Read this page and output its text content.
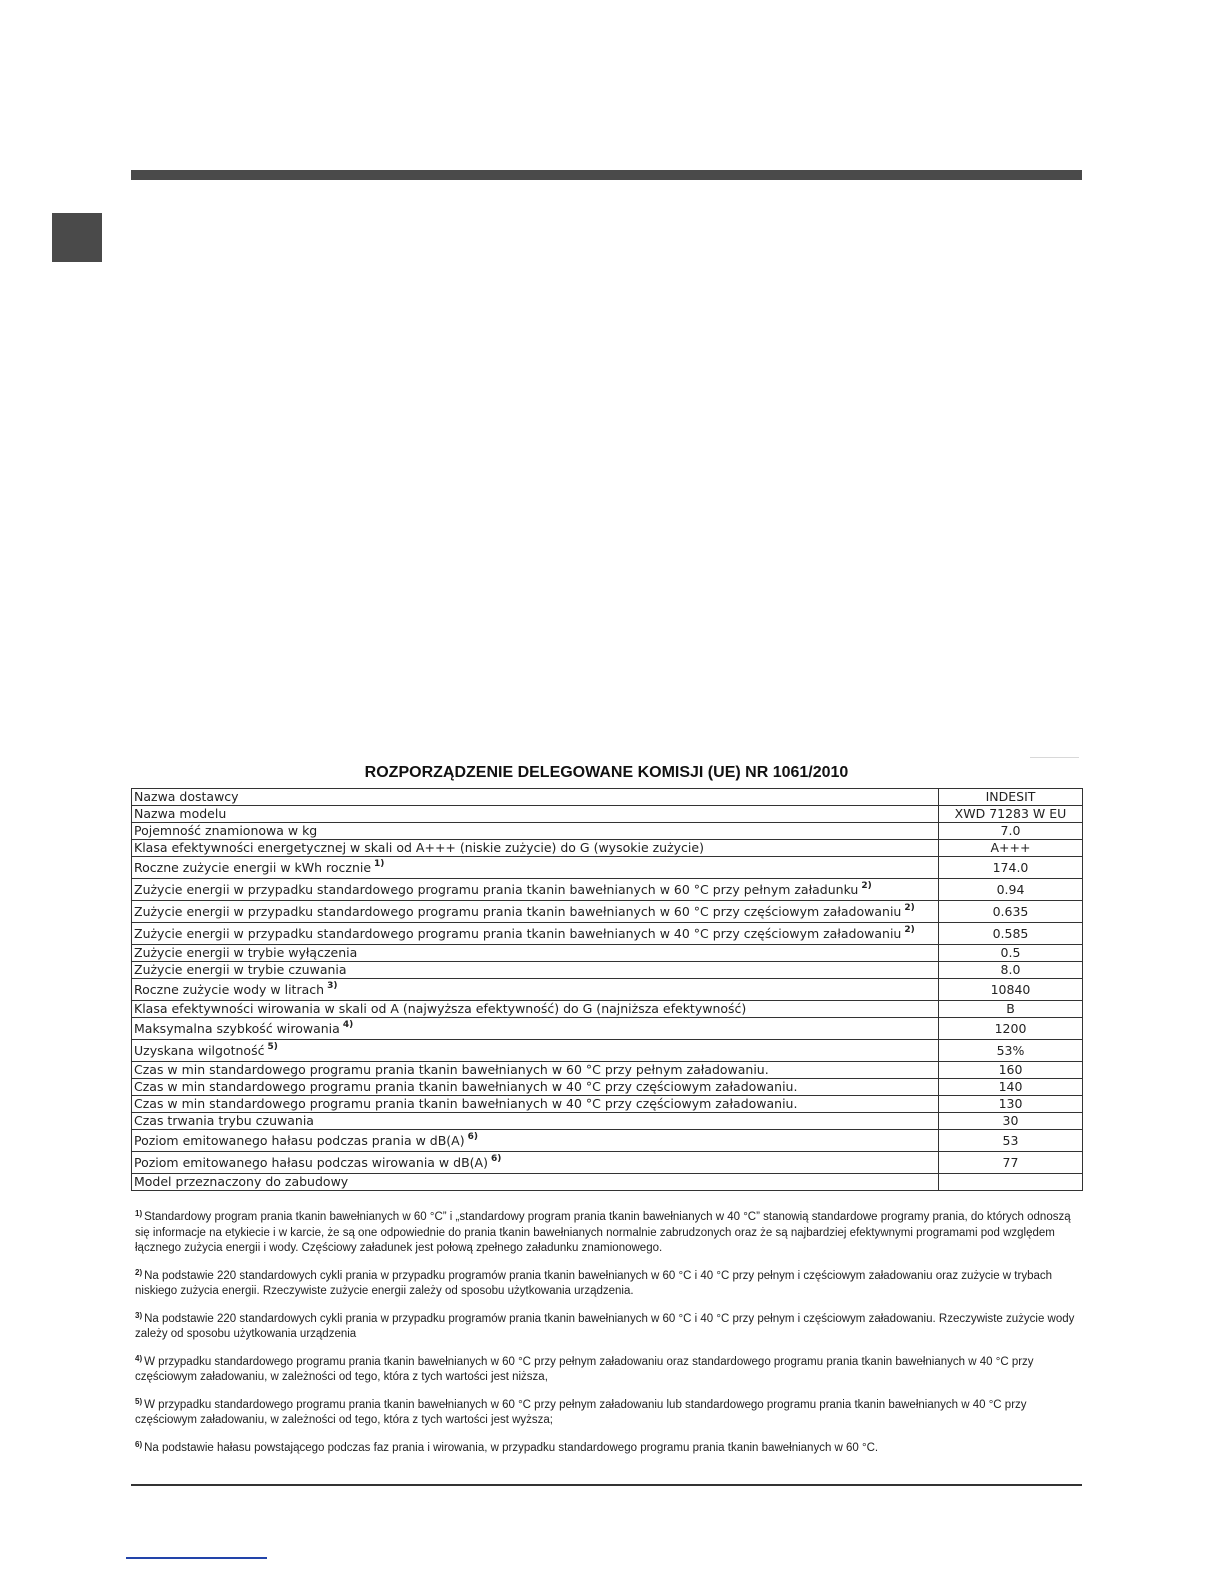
ROZPORZĄDZENIE DELEGOWANE KOMISJI (UE) NR 1061/2010
Nazwa dostawcy	INDESIT
Nazwa modelu	XWD 71283 W EU
Pojemność znamionowa w kg	7.0
Klasa efektywności energetycznej w skali od A+++ (niskie zużycie) do G (wysokie zużycie)	A+++
Roczne zużycie energii w kWh rocznie $^{1)}$	174.0
Zużycie energii w przypadku standardowego programu prania tkanin bawełnianych w 60 °C przy pełnym załadunku $^{2)}$	0.94
Zużycie energii w przypadku standardowego programu prania tkanin bawełnianych w 60 °C przy częściowym załadowaniu $^{2)}$	0.635
Zużycie energii w przypadku standardowego programu prania tkanin bawełnianych w 40 °C przy częściowym załadowaniu $^{2)}$	0.585
Zużycie energii w trybie wyłączenia	0.5
Zużycie energii w trybie czuwania	8.0
Roczne zużycie wody w litrach $^{3)}$	10840
Klasa efektywności wirowania w skali od A (najwyższa efektywność) do G (najniższa efektywność)	B
Maksymalna szybkość wirowania $^{4)}$	1200
Uzyskana wilgotność $^{5)}$	53%
Czas w min standardowego programu prania tkanin bawełnianych w 60 °C przy pełnym załadowaniu.	160
Czas w min standardowego programu prania tkanin bawełnianych w 40 °C przy częściowym załadowaniu.	140
Czas w min standardowego programu prania tkanin bawełnianych w 40 °C przy częściowym załadowaniu.	130
Czas trwania trybu czuwania	30
Poziom emitowanego hałasu podczas prania w dB(A) $^{6)}$	53
Poziom emitowanego hałasu podczas wirowania w dB(A) $^{6)}$	77
Model przeznaczony do zabudowy	

$^{1)}$ Standardowy program prania tkanin bawełnianych w 60 °C” i „standardowy program prania tkanin bawełnianych w 40 °C” stanowią standardowe programy prania, do których odnoszą się informacje na etykiecie i w karcie, że są one odpowiednie do prania tkanin bawełnianych normalnie zabrudzonych oraz że są najbardziej efektywnymi programami pod względem łącznego zużycia energii i wody. Częściowy załadunek jest połową zpełnego załadunku znamionowego.

$^{2)}$ Na podstawie 220 standardowych cykli prania w przypadku programów prania tkanin bawełnianych w 60 °C i 40 °C przy pełnym i częściowym załadowaniu oraz zużycie w trybach niskiego zużycia energii. Rzeczywiste zużycie energii zależy od sposobu użytkowania urządzenia.

$^{3)}$ Na podstawie 220 standardowych cykli prania w przypadku programów prania tkanin bawełnianych w 60 °C i 40 °C przy pełnym i częściowym załadowaniu. Rzeczywiste zużycie wody zależy od sposobu użytkowania urządzenia

$^{4)}$ W przypadku standardowego programu prania tkanin bawełnianych w 60 °C przy pełnym załadowaniu oraz standardowego programu prania tkanin bawełnianych w 40 °C przy częściowym załadowaniu, w zależności od tego, która z tych wartości jest niższa,

$^{5)}$ W przypadku standardowego programu prania tkanin bawełnianych w 60 °C przy pełnym załadowaniu lub standardowego programu prania tkanin bawełnianych w 40 °C przy częściowym załadowaniu, w zależności od tego, która z tych wartości jest wyższa;

$^{6)}$ Na podstawie hałasu powstającego podczas faz prania i wirowania, w przypadku standardowego programu prania tkanin bawełnianych w 60 °C.
